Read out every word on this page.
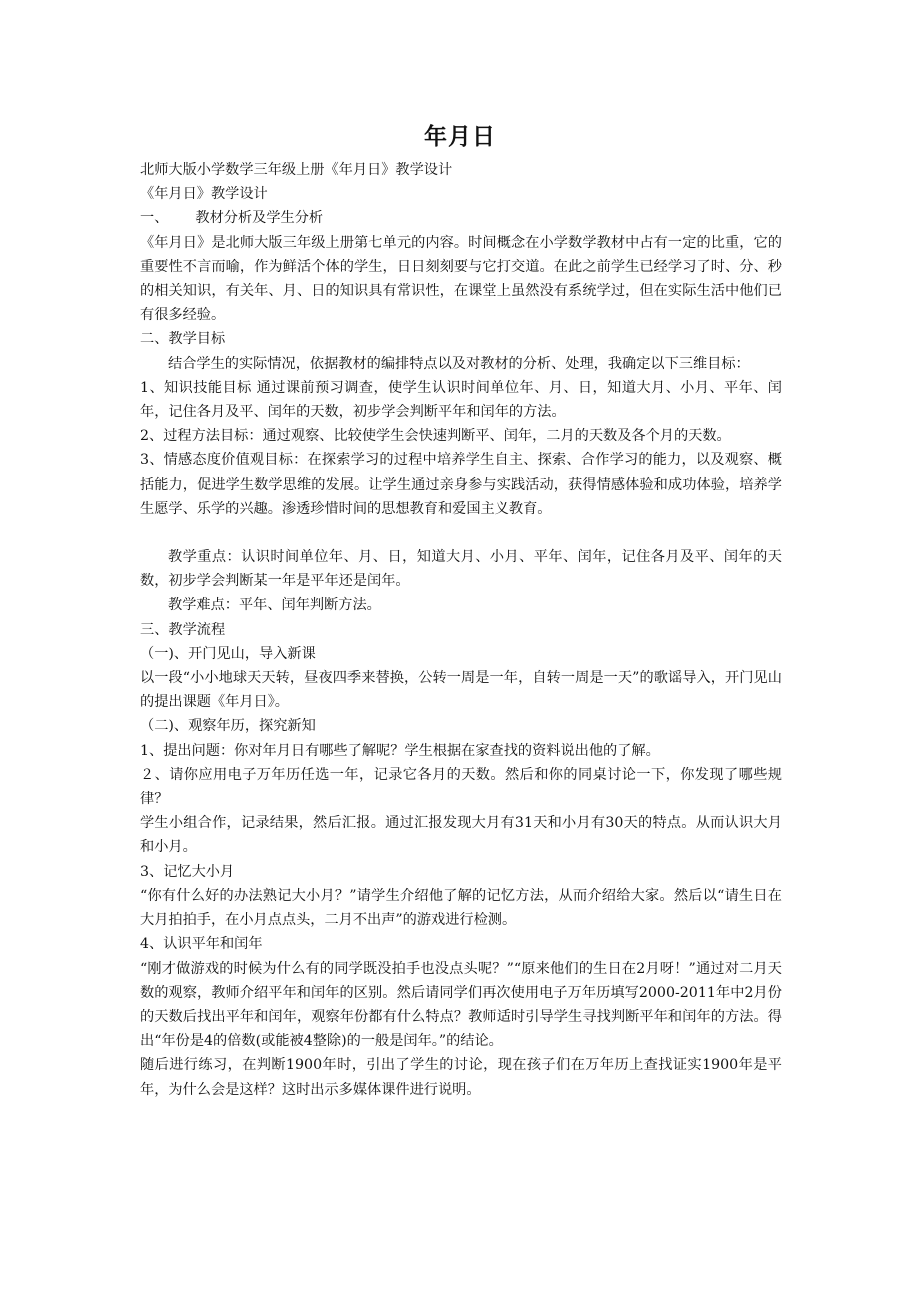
年月日

北师大版小学数学三年级上册《年月日》教学设计

《年月日》教学设计

一、      教材分析及学生分析

《年月日》是北师大版三年级上册第七单元的内容。时间概念在小学数学教材中占有一定的比重，它的重要性不言而喻，作为鲜活个体的学生，日日刻刻要与它打交道。在此之前学生已经学习了时、分、秒的相关知识，有关年、月、日的知识具有常识性，在课堂上虽然没有系统学过，但在实际生活中他们已有很多经验。

二、教学目标

结合学生的实际情况，依据教材的编排特点以及对教材的分析、处理，我确定以下三维目标：

1、知识技能目标 通过课前预习调查，使学生认识时间单位年、月、日，知道大月、小月、平年、闰年，记住各月及平、闰年的天数，初步学会判断平年和闰年的方法。

2、过程方法目标：通过观察、比较使学生会快速判断平、闰年，二月的天数及各个月的天数。

3、情感态度价值观目标：在探索学习的过程中培养学生自主、探索、合作学习的能力，以及观察、概括能力，促进学生数学思维的发展。让学生通过亲身参与实践活动，获得情感体验和成功体验，培养学生愿学、乐学的兴趣。渗透珍惜时间的思想教育和爱国主义教育。

教学重点：认识时间单位年、月、日，知道大月、小月、平年、闰年，记住各月及平、闰年的天数，初步学会判断某一年是平年还是闰年。

教学难点：平年、闰年判断方法。

三、教学流程

（一)、开门见山，导入新课

以一段“小小地球天天转，昼夜四季来替换，公转一周是一年，自转一周是一天”的歌谣导入，开门见山的提出课题《年月日》。

（二)、观察年历，探究新知

1、提出问题：你对年月日有哪些了解呢？学生根据在家查找的资料说出他的了解。

２、请你应用电子万年历任选一年，记录它各月的天数。然后和你的同桌讨论一下，你发现了哪些规律？

学生小组合作，记录结果，然后汇报。通过汇报发现大月有31天和小月有30天的特点。从而认识大月和小月。

3、记忆大小月

“你有什么好的办法熟记大小月？”请学生介绍他了解的记忆方法，从而介绍给大家。然后以“请生日在大月拍拍手，在小月点点头，二月不出声”的游戏进行检测。

4、认识平年和闰年

“刚才做游戏的时候为什么有的同学既没拍手也没点头呢？”“原来他们的生日在2月呀！”通过对二月天数的观察，教师介绍平年和闰年的区别。然后请同学们再次使用电子万年历填写2000-2011年中2月份的天数后找出平年和闰年，观察年份都有什么特点？教师适时引导学生寻找判断平年和闰年的方法。得出“年份是4的倍数(或能被4整除)的一般是闰年。”的结论。

随后进行练习，在判断1900年时，引出了学生的讨论，现在孩子们在万年历上查找证实1900年是平年，为什么会是这样？这时出示多媒体课件进行说明。
